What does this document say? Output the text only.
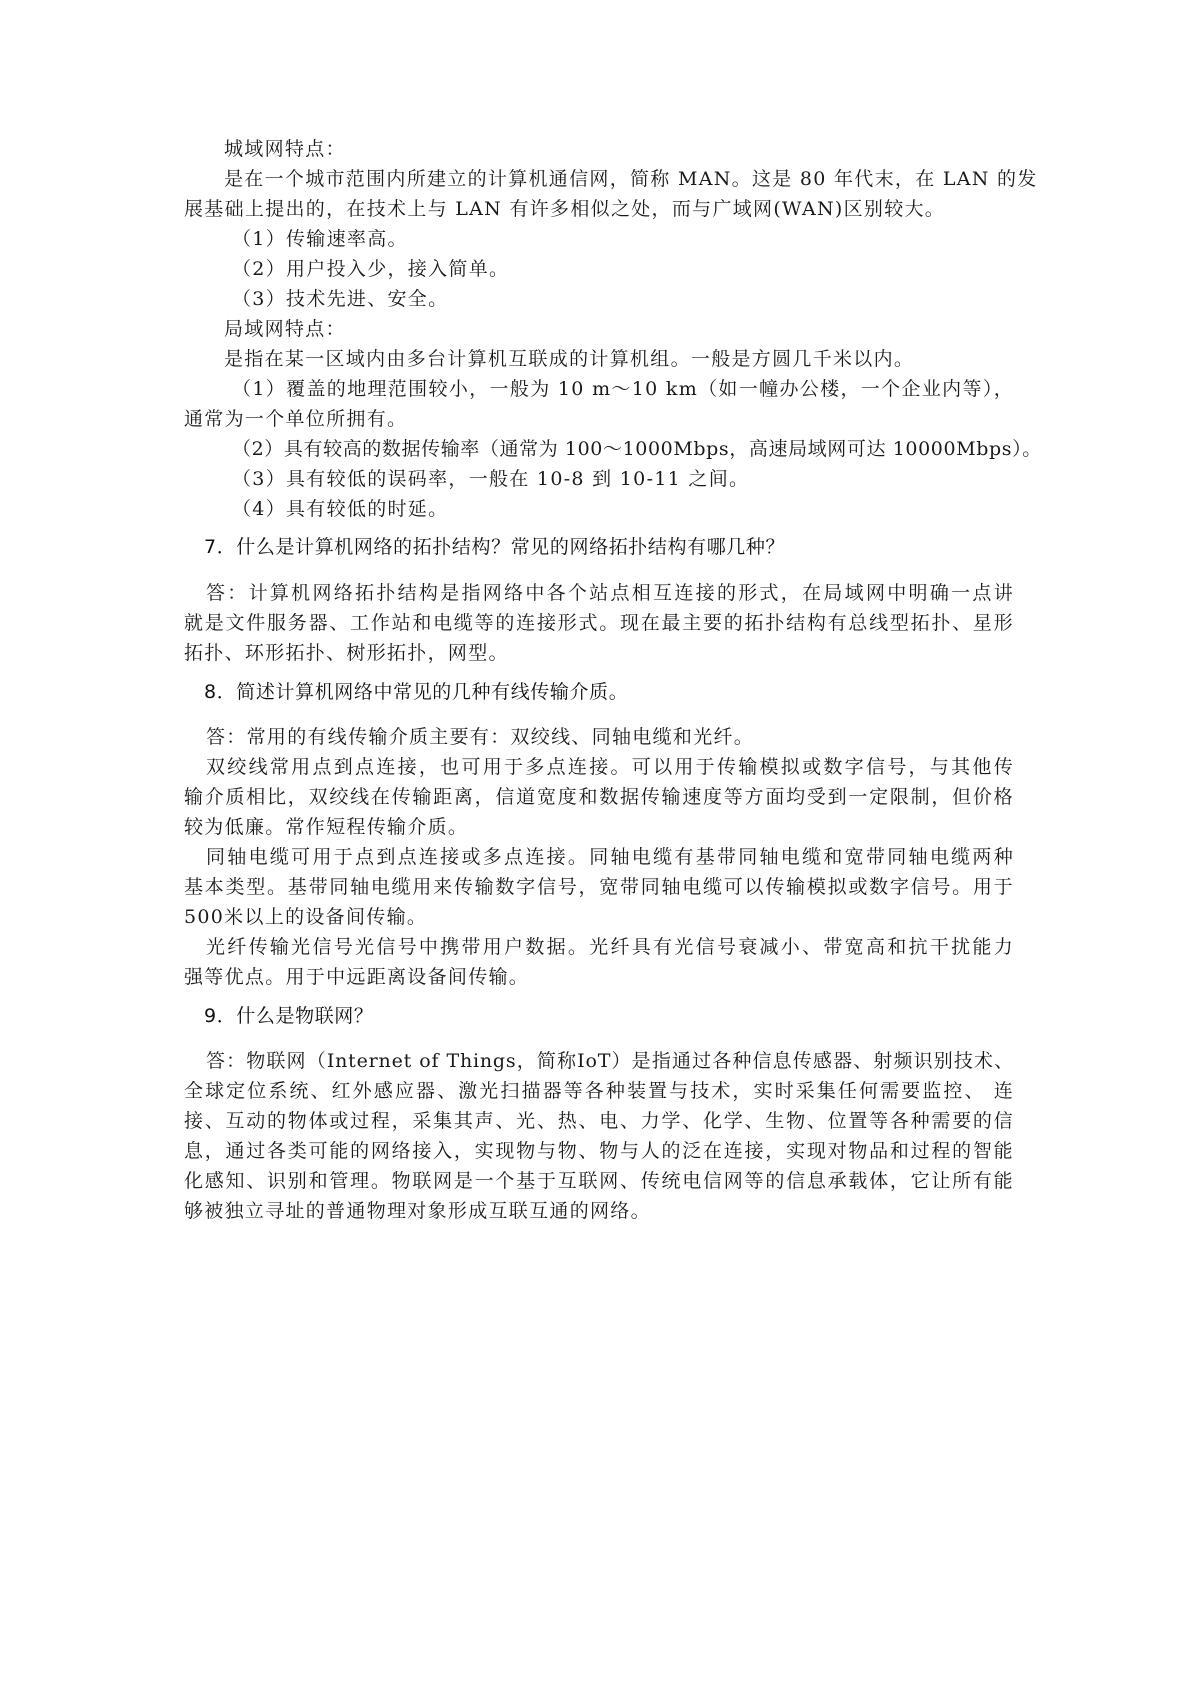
城域网特点：
是在一个城市范围内所建立的计算机通信网，简称 MAN。这是 80 年代末，在 LAN 的发
展基础上提出的，在技术上与 LAN 有许多相似之处，而与广域网(WAN)区别较大。
（1）传输速率高。
（2）用户投入少，接入简单。
（3）技术先进、安全。
局域网特点：
是指在某一区域内由多台计算机互联成的计算机组。一般是方圆几千米以内。
（1）覆盖的地理范围较小，一般为 10 m～10 km（如一幢办公楼，一个企业内等），
通常为一个单位所拥有。
（2）具有较高的数据传输率（通常为 100～1000Mbps，高速局域网可达 10000Mbps）。
（3）具有较低的误码率，一般在 10-8 到 10-11 之间。
（4）具有较低的时延。
7．什么是计算机网络的拓扑结构？常见的网络拓扑结构有哪几种？
答：计算机网络拓扑结构是指网络中各个站点相互连接的形式，在局域网中明确一点讲
就是文件服务器、工作站和电缆等的连接形式。现在最主要的拓扑结构有总线型拓扑、星形
拓扑、环形拓扑、树形拓扑，网型。
8．简述计算机网络中常见的几种有线传输介质。
答：常用的有线传输介质主要有：双绞线、同轴电缆和光纤。
双绞线常用点到点连接，也可用于多点连接。可以用于传输模拟或数字信号，与其他传
输介质相比，双绞线在传输距离，信道宽度和数据传输速度等方面均受到一定限制，但价格
较为低廉。常作短程传输介质。
同轴电缆可用于点到点连接或多点连接。同轴电缆有基带同轴电缆和宽带同轴电缆两种
基本类型。基带同轴电缆用来传输数字信号，宽带同轴电缆可以传输模拟或数字信号。用于
500米以上的设备间传输。
光纤传输光信号光信号中携带用户数据。光纤具有光信号衰减小、带宽高和抗干扰能力
强等优点。用于中远距离设备间传输。
9．什么是物联网？
答：物联网（Internet of Things，简称IoT）是指通过各种信息传感器、射频识别技术、
全球定位系统、红外感应器、激光扫描器等各种装置与技术，实时采集任何需要监控、 连
接、互动的物体或过程，采集其声、光、热、电、力学、化学、生物、位置等各种需要的信
息，通过各类可能的网络接入，实现物与物、物与人的泛在连接，实现对物品和过程的智能
化感知、识别和管理。物联网是一个基于互联网、传统电信网等的信息承载体，它让所有能
够被独立寻址的普通物理对象形成互联互通的网络。
